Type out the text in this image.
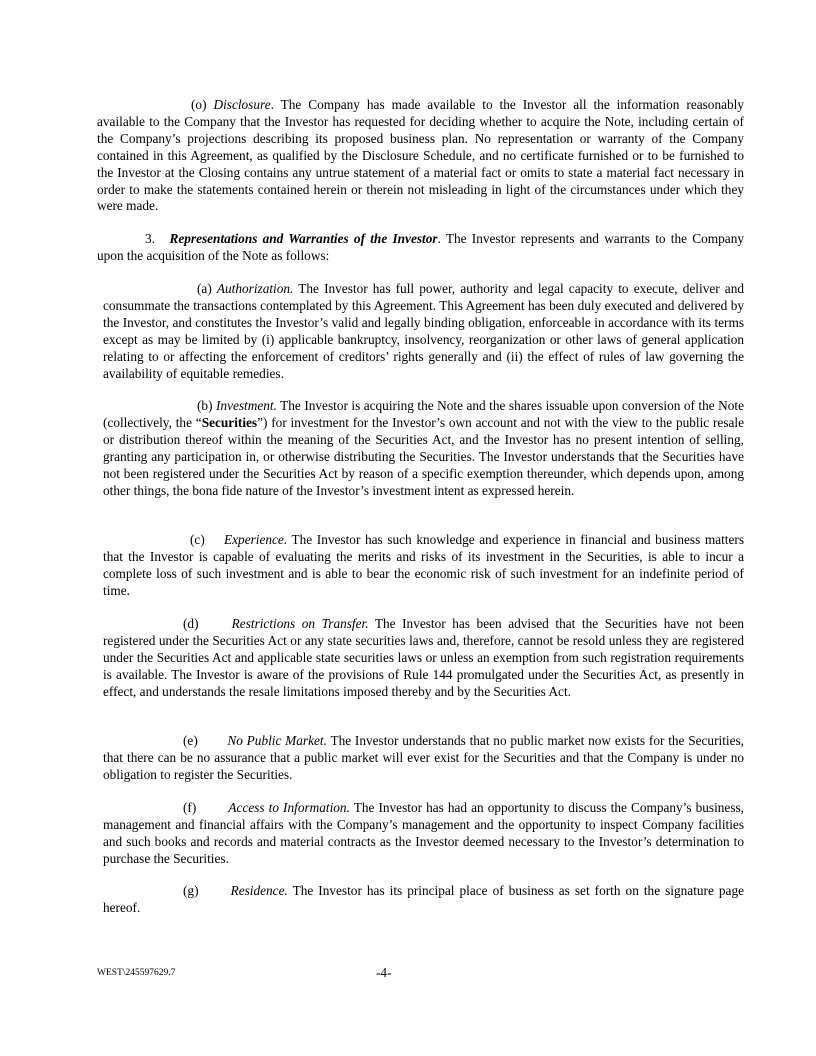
(o) Disclosure. The Company has made available to the Investor all the information reasonably available to the Company that the Investor has requested for deciding whether to acquire the Note, including certain of the Company’s projections describing its proposed business plan. No representation or warranty of the Company contained in this Agreement, as qualified by the Disclosure Schedule, and no certificate furnished or to be furnished to the Investor at the Closing contains any untrue statement of a material fact or omits to state a material fact necessary in order to make the statements contained herein or therein not misleading in light of the circumstances under which they were made.

3. Representations and Warranties of the Investor. The Investor represents and warrants to the Company upon the acquisition of the Note as follows:

(a) Authorization. The Investor has full power, authority and legal capacity to execute, deliver and consummate the transactions contemplated by this Agreement. This Agreement has been duly executed and delivered by the Investor, and constitutes the Investor’s valid and legally binding obligation, enforceable in accordance with its terms except as may be limited by (i) applicable bankruptcy, insolvency, reorganization or other laws of general application relating to or affecting the enforcement of creditors’ rights generally and (ii) the effect of rules of law governing the availability of equitable remedies.

(b) Investment. The Investor is acquiring the Note and the shares issuable upon conversion of the Note (collectively, the “Securities”) for investment for the Investor’s own account and not with the view to the public resale or distribution thereof within the meaning of the Securities Act, and the Investor has no present intention of selling, granting any participation in, or otherwise distributing the Securities. The Investor understands that the Securities have not been registered under the Securities Act by reason of a specific exemption thereunder, which depends upon, among other things, the bona fide nature of the Investor’s investment intent as expressed herein.

(c) Experience. The Investor has such knowledge and experience in financial and business matters that the Investor is capable of evaluating the merits and risks of its investment in the Securities, is able to incur a complete loss of such investment and is able to bear the economic risk of such investment for an indefinite period of time.

(d) Restrictions on Transfer. The Investor has been advised that the Securities have not been registered under the Securities Act or any state securities laws and, therefore, cannot be resold unless they are registered under the Securities Act and applicable state securities laws or unless an exemption from such registration requirements is available. The Investor is aware of the provisions of Rule 144 promulgated under the Securities Act, as presently in effect, and understands the resale limitations imposed thereby and by the Securities Act.

(e) No Public Market. The Investor understands that no public market now exists for the Securities, that there can be no assurance that a public market will ever exist for the Securities and that the Company is under no obligation to register the Securities.

(f) Access to Information. The Investor has had an opportunity to discuss the Company’s business, management and financial affairs with the Company’s management and the opportunity to inspect Company facilities and such books and records and material contracts as the Investor deemed necessary to the Investor’s determination to purchase the Securities.

(g) Residence. The Investor has its principal place of business as set forth on the signature page hereof.

WEST\245597629.7	-4-
